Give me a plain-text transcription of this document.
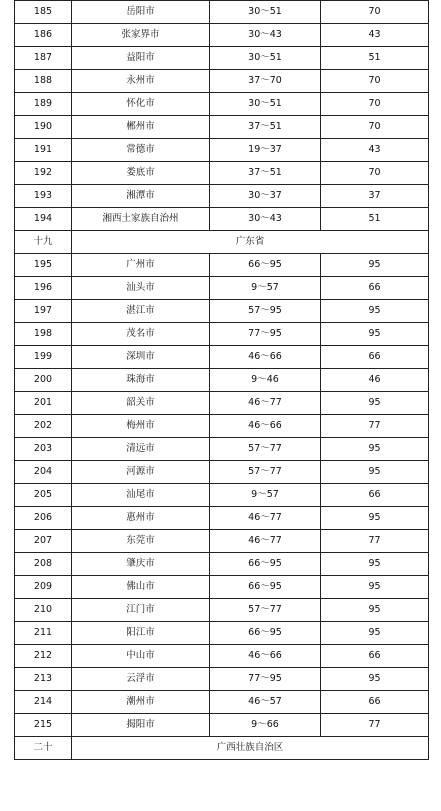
185	岳阳市	30～51	70
186	张家界市	30～43	43
187	益阳市	30～51	51
188	永州市	37～70	70
189	怀化市	30～51	70
190	郴州市	37～51	70
191	常德市	19～37	43
192	娄底市	37～51	70
193	湘潭市	30～37	37
194	湘西土家族自治州	30～43	51
十九	广东省		
195	广州市	66～95	95
196	汕头市	9～57	66
197	湛江市	57～95	95
198	茂名市	77～95	95
199	深圳市	46～66	66
200	珠海市	9～46	46
201	韶关市	46～77	95
202	梅州市	46～66	77
203	清远市	57～77	95
204	河源市	57～77	95
205	汕尾市	9～57	66
206	惠州市	46～77	95
207	东莞市	46～77	77
208	肇庆市	66～95	95
209	佛山市	66～95	95
210	江门市	57～77	95
211	阳江市	66～95	95
212	中山市	46～66	66
213	云浮市	77～95	95
214	潮州市	46～57	66
215	揭阳市	9～66	77
二十	广西壮族自治区		
